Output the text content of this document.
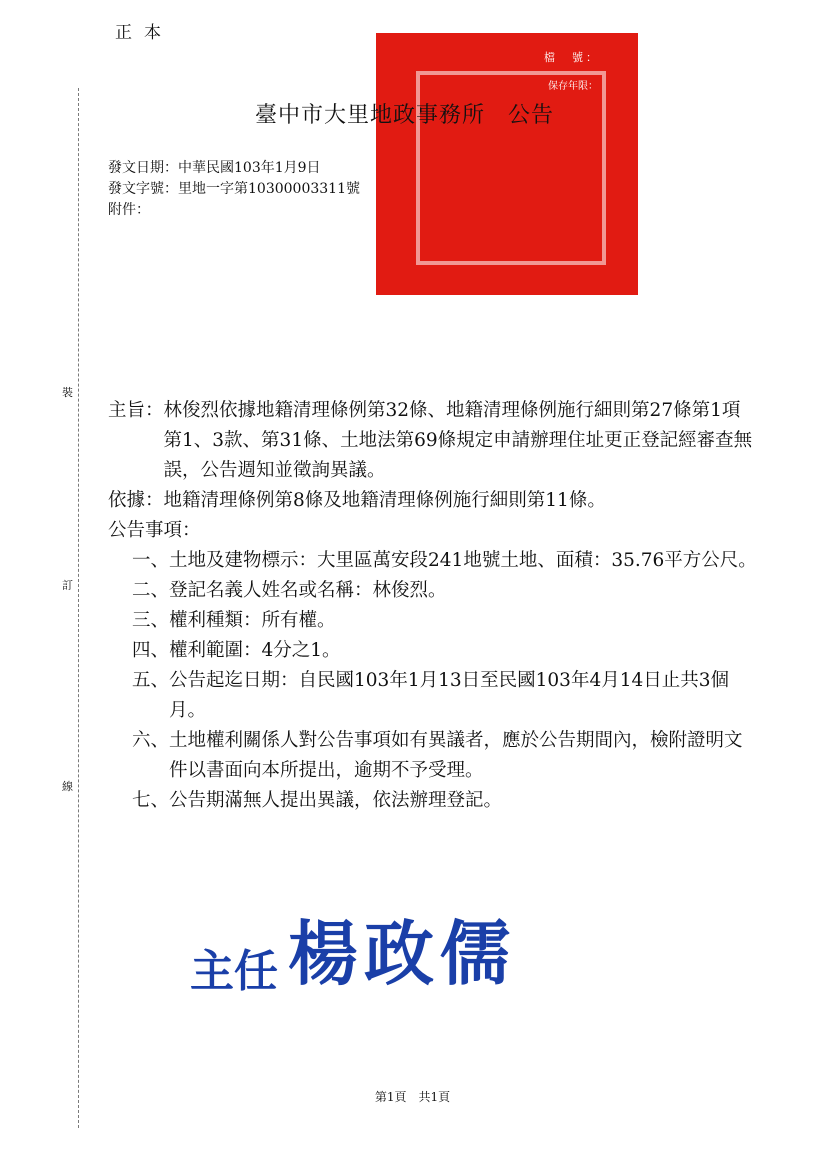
正本
裝
訂
線
檔　號：
保存年限：
臺中市大里地政事務所　公告
發文日期：中華民國103年1月9日
發文字號：里地一字第10300003311號
附件：
主旨： 林俊烈依據地籍清理條例第32條、地籍清理條例施行細則第27條第1項第1、3款、第31條、土地法第69條規定申請辦理住址更正登記經審查無誤，公告週知並徵詢異議。
依據： 地籍清理條例第8條及地籍清理條例施行細則第11條。
公告事項：
一、 土地及建物標示：大里區萬安段241地號土地、面積：35.76平方公尺。
二、 登記名義人姓名或名稱：林俊烈。
三、 權利種類：所有權。
四、 權利範圍：4分之1。
五、 公告起迄日期：自民國103年1月13日至民國103年4月14日止共3個月。
六、 土地權利關係人對公告事項如有異議者，應於公告期間內，檢附證明文件以書面向本所提出，逾期不予受理。
七、 公告期滿無人提出異議，依法辦理登記。
主任 楊政儒
第1頁　共1頁
